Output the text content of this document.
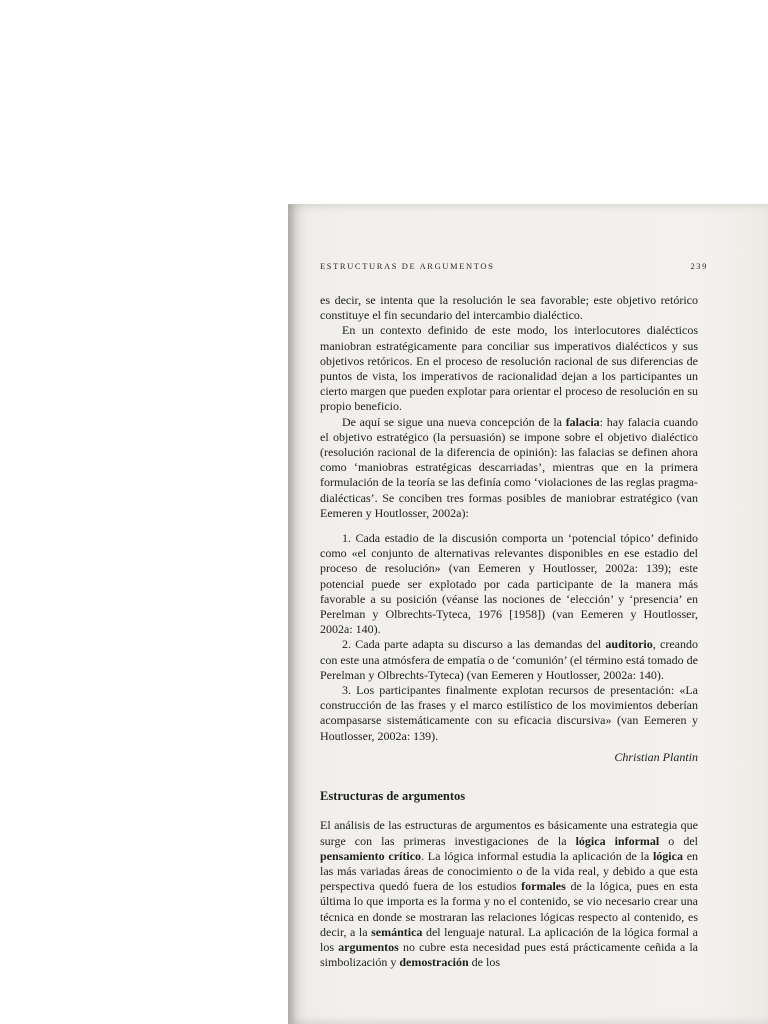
ESTRUCTURAS DE ARGUMENTOS	239

es decir, se intenta que la resolución le sea favorable; este objetivo retórico constituye el fin secundario del intercambio dialéctico.

En un contexto definido de este modo, los interlocutores dialécticos maniobran estratégicamente para conciliar sus imperativos dialécticos y sus objetivos retóricos. En el proceso de resolución racional de sus diferencias de puntos de vista, los imperativos de racionalidad dejan a los participantes un cierto margen que pueden explotar para orientar el proceso de resolución en su propio beneficio.

De aquí se sigue una nueva concepción de la falacia: hay falacia cuando el objetivo estratégico (la persuasión) se impone sobre el objetivo dialéctico (resolución racional de la diferencia de opinión): las falacias se definen ahora como ‘maniobras estratégicas descarriadas’, mientras que en la primera formulación de la teoría se las definía como ‘violaciones de las reglas pragma-dialécticas’. Se conciben tres formas posibles de maniobrar estratégico (van Eemeren y Houtlosser, 2002a):

1. Cada estadio de la discusión comporta un ‘potencial tópico’ definido como «el conjunto de alternativas relevantes disponibles en ese estadio del proceso de resolución» (van Eemeren y Houtlosser, 2002a: 139); este potencial puede ser explotado por cada participante de la manera más favorable a su posición (véanse las nociones de ‘elección’ y ‘presencia’ en Perelman y Olbrechts-Tyteca, 1976 [1958]) (van Eemeren y Houtlosser, 2002a: 140).

2. Cada parte adapta su discurso a las demandas del auditorio, creando con este una atmósfera de empatía o de ‘comunión’ (el término está tomado de Perelman y Olbrechts-Tyteca) (van Eemeren y Houtlosser, 2002a: 140).

3. Los participantes finalmente explotan recursos de presentación: «La construcción de las frases y el marco estilístico de los movimientos deberían acompasarse sistemáticamente con su eficacia discursiva» (van Eemeren y Houtlosser, 2002a: 139).

Christian Plantin

Estructuras de argumentos

El análisis de las estructuras de argumentos es básicamente una estrategia que surge con las primeras investigaciones de la lógica informal o del pensamiento crítico. La lógica informal estudia la aplicación de la lógica en las más variadas áreas de conocimiento o de la vida real, y debido a que esta perspectiva quedó fuera de los estudios formales de la lógica, pues en esta última lo que importa es la forma y no el contenido, se vio necesario crear una técnica en donde se mostraran las relaciones lógicas respecto al contenido, es decir, a la semántica del lenguaje natural. La aplicación de la lógica formal a los argumentos no cubre esta necesidad pues está prácticamente ceñida a la simbolización y demostración de los
